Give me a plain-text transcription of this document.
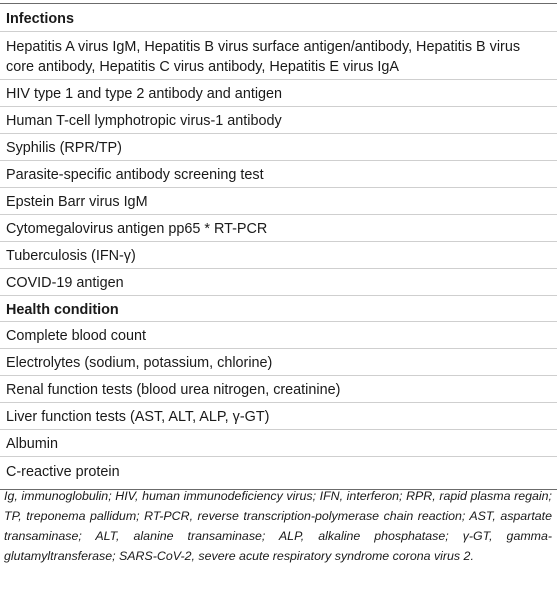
Infections
Hepatitis A virus IgM, Hepatitis B virus surface antigen/antibody, Hepatitis B virus core antibody, Hepatitis C virus antibody, Hepatitis E virus IgA
HIV type 1 and type 2 antibody and antigen
Human T-cell lymphotropic virus-1 antibody
Syphilis (RPR/TP)
Parasite-specific antibody screening test
Epstein Barr virus IgM
Cytomegalovirus antigen pp65 * RT-PCR
Tuberculosis (IFN-γ)
COVID-19 antigen
Health condition
Complete blood count
Electrolytes (sodium, potassium, chlorine)
Renal function tests (blood urea nitrogen, creatinine)
Liver function tests (AST, ALT, ALP, γ-GT)
Albumin
C-reactive protein
Ig, immunoglobulin; HIV, human immunodeficiency virus; IFN, interferon; RPR, rapid plasma regain; TP, treponema pallidum; RT-PCR, reverse transcription-polymerase chain reaction; AST, aspartate transaminase; ALT, alanine transaminase; ALP, alkaline phosphatase; γ-GT, gamma-glutamyltransferase; SARS-CoV-2, severe acute respiratory syndrome corona virus 2.
